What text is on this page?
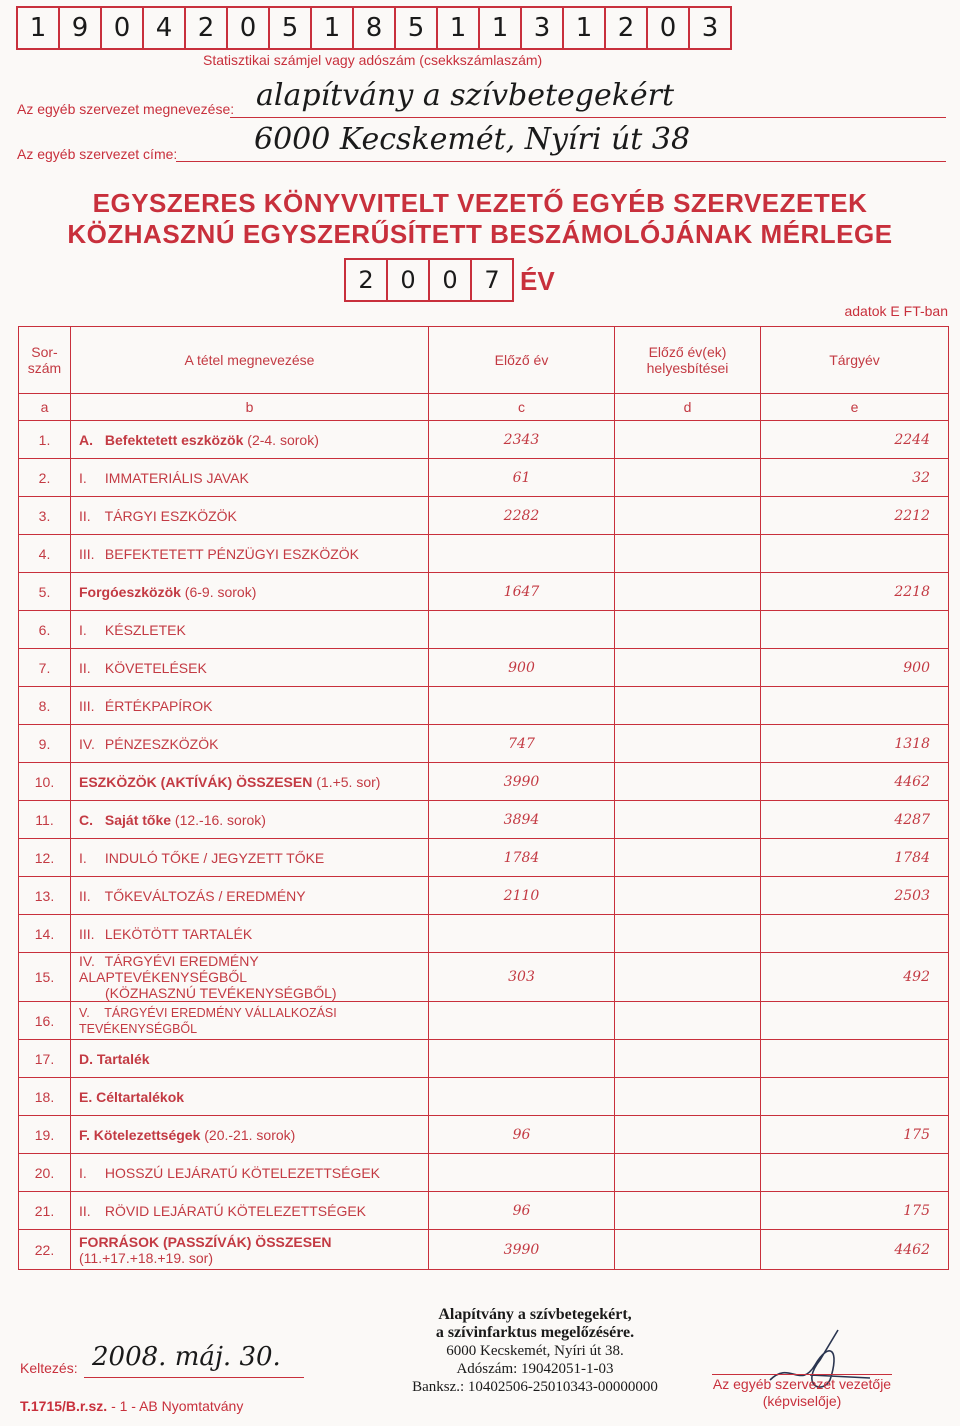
1 9 0 4 2 0 5 1 8 5 1 1 3 1 2 0 3
Statisztikai számjel vagy adószám (csekkszámlaszám)
Az egyéb szervezet megnevezése: alapítvány a szívbetegekért
Az egyéb szervezet címe:	6000 Kecskemét, Nyíri út 38
EGYSZERES KÖNYVVITELT VEZETŐ EGYÉB SZERVEZETEK
KÖZHASZNÚ EGYSZERŰSÍTETT BESZÁMOLÓJÁNAK MÉRLEGE
2	0	0	7 ÉV
adatok E FT-ban
Sor-szám	A tétel megnevezése	Előző év	Előző év(ek) helyesbítései	Tárgyév
a	b	c	d	e
1.	A. Befektetett eszközök (2-4. sorok)	2343		2244
2.	I. IMMATERIÁLIS JAVAK	61		32
3.	II. TÁRGYI ESZKÖZÖK	2282		2212
4.	III. BEFEKTETETT PÉNZÜGYI ESZKÖZÖK			

5.	Forgóeszközök (6-9. sorok)	1647		2218
6.	I. KÉSZLETEK			

7.	II. KÖVETELÉSEK	900		900
8.	III. ÉRTÉKPAPÍROK			

9.	IV. PÉNZESZKÖZÖK	747		1318
10.	ESZKÖZÖK (AKTÍVÁK) ÖSSZESEN (1.+5. sor)	3990		4462
11.	C. Saját tőke (12.-16. sorok)	3894		4287
12.	I. INDULÓ TŐKE / JEGYZETT TŐKE	1784		1784
13.	II. TŐKEVÁLTOZÁS / EREDMÉNY	2110		2503
14.	III. LEKÖTÖTT TARTALÉK			

15.	IV. TÁRGYÉVI EREDMÉNY ALAPTEVÉKENYSÉGBŐL
(KÖZHASZNÚ TEVÉKENYSÉGBŐL)	303		492
16.	V. TÁRGYÉVI EREDMÉNY VÁLLALKOZÁSI TEVÉKENYSÉGBŐL			

17.	D. Tartalék			

18.	E. Céltartalékok			

19.	F. Kötelezettségek (20.-21. sorok)	96		175
20.	I. HOSSZÚ LEJÁRATÚ KÖTELEZETTSÉGEK			

21.	II. RÖVID LEJÁRATÚ KÖTELEZETTSÉGEK	96		175
22.	FORRÁSOK (PASSZÍVÁK) ÖSSZESEN
(11.+17.+18.+19. sor)	3990		4462
Keltezés: 2008. máj. 30.
Alapítvány a szívbetegekért,
a szívinfarktus megelőzésére.
6000 Kecskemét, Nyíri út 38.
Adószám: 19042051-1-03
Banksz.: 10402506-25010343-00000000	Az egyéb szervezet vezetője
(képviselője)
T.1715/B.r.sz. - 1 - AB Nyomtatvány
